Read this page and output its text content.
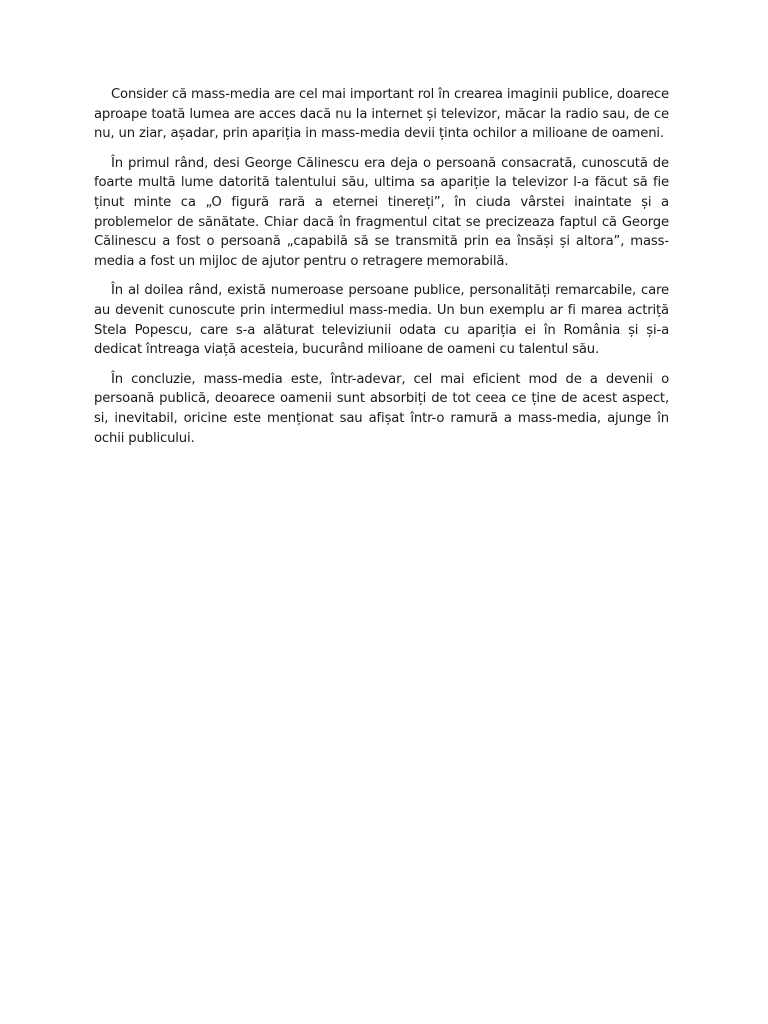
Consider că mass-media are cel mai important rol în crearea imaginii publice, doarece aproape toată lumea are acces dacă nu la internet și televizor, măcar la radio sau, de ce nu, un ziar, așadar, prin apariția in mass-media devii ținta ochilor a milioane de oameni.

În primul rând, desi George Călinescu era deja o persoană consacrată, cunoscută de foarte multă lume datorită talentului său, ultima sa apariție la televizor l-a făcut să fie ținut minte ca „O figură rară a eternei tinereți”, în ciuda vârstei inaintate și a problemelor de sănătate. Chiar dacă în fragmentul citat se precizeaza faptul că George Călinescu a fost o persoană „capabilă să se transmită prin ea însăși și altora”, mass-media a fost un mijloc de ajutor pentru o retragere memorabilă.

În al doilea rând, există numeroase persoane publice, personalități remarcabile, care au devenit cunoscute prin intermediul mass-media. Un bun exemplu ar fi marea actriță Stela Popescu, care s-a alăturat televiziunii odata cu apariția ei în România și și-a dedicat întreaga viață acesteia, bucurând milioane de oameni cu talentul său.

În concluzie, mass-media este, într-adevar, cel mai eficient mod de a devenii o persoană publică, deoarece oamenii sunt absorbiți de tot ceea ce ține de acest aspect, si, inevitabil, oricine este menționat sau afișat într-o ramură a mass-media, ajunge în ochii publicului.
